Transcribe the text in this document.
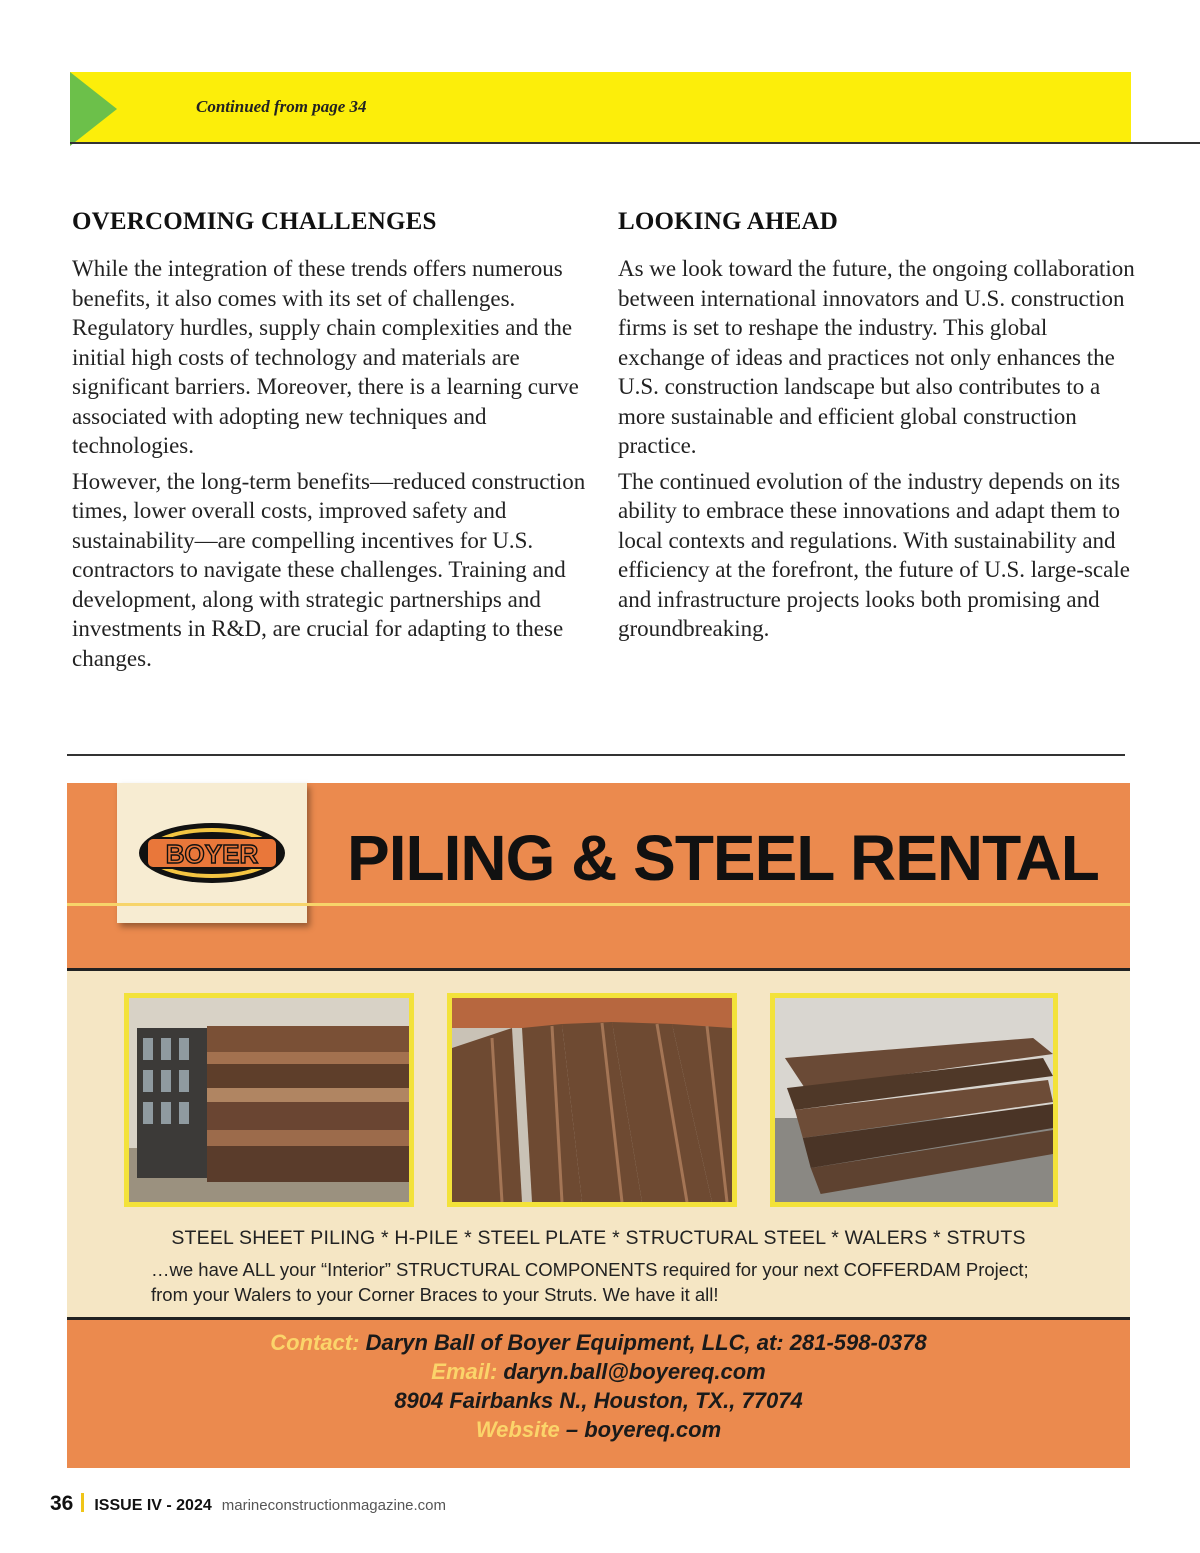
Continued from page 34
OVERCOMING CHALLENGES

While the integration of these trends offers numerous benefits, it also comes with its set of challenges. Regulatory hurdles, supply chain complexities and the initial high costs of technology and materials are significant barriers. Moreover, there is a learning curve associated with adopting new techniques and technologies.

However, the long-term benefits—reduced construction times, lower overall costs, improved safety and sustainability—are compelling incentives for U.S. contractors to navigate these challenges. Training and development, along with strategic partnerships and investments in R&D, are crucial for adapting to these changes.

LOOKING AHEAD

As we look toward the future, the ongoing collaboration between international innovators and U.S. construction firms is set to reshape the industry. This global exchange of ideas and practices not only enhances the U.S. construction landscape but also contributes to a more sustainable and efficient global construction practice.

The continued evolution of the industry depends on its ability to embrace these innovations and adapt them to local contexts and regulations. With sustainability and efficiency at the forefront, the future of U.S. large-scale and infrastructure projects looks both promising and groundbreaking.

BOYER PILING & STEEL RENTAL
STEEL SHEET PILING * H-PILE * STEEL PLATE * STRUCTURAL STEEL * WALERS * STRUTS
…we have ALL your “Interior” STRUCTURAL COMPONENTS required for your next COFFERDAM Project; from your Walers to your Corner Braces to your Struts. We have it all!
Contact: Daryn Ball of Boyer Equipment, LLC, at: 281-598-0378
Email: daryn.ball@boyereq.com
8904 Fairbanks N., Houston, TX., 77074
Website – boyereq.com
36 ISSUE IV - 2024 marineconstructionmagazine.com
